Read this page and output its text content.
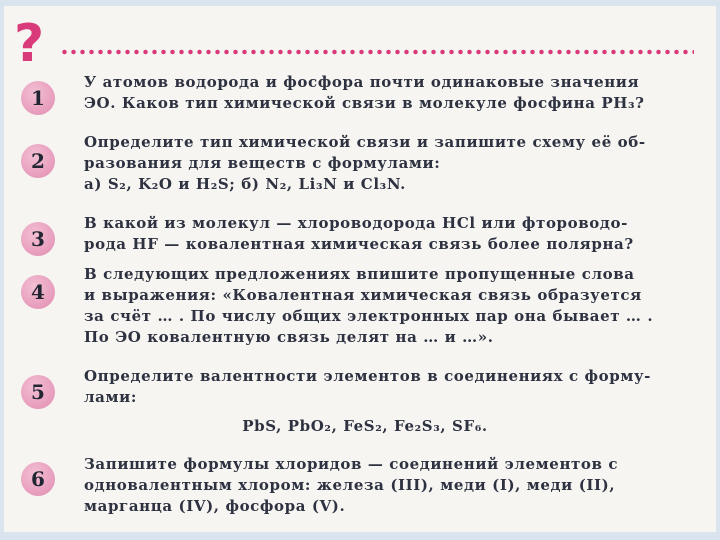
?
1
У атомов водорода и фосфора почти одинаковые значения
ЭО. Каков тип химической связи в молекуле фосфина PH₃?
2
Определите тип химической связи и запишите схему её об-
разования для веществ с формулами:
а) S₂, K₂O и H₂S; б) N₂, Li₃N и Cl₃N.
3
В какой из молекул — хлороводорода HCl или фтороводо-
рода HF — ковалентная химическая связь более полярна?
4
В следующих предложениях впишите пропущенные слова
и выражения: «Ковалентная химическая связь образуется
за счёт … . По числу общих электронных пар она бывает … .
По ЭО ковалентную связь делят на … и …».
5
Определите валентности элементов в соединениях с форму-
лами:
PbS, PbO₂, FeS₂, Fe₂S₃, SF₆.
6
Запишите формулы хлоридов — соединений элементов с
одновалентным хлором: железа (III), меди (I), меди (II),
марганца (IV), фосфора (V).
